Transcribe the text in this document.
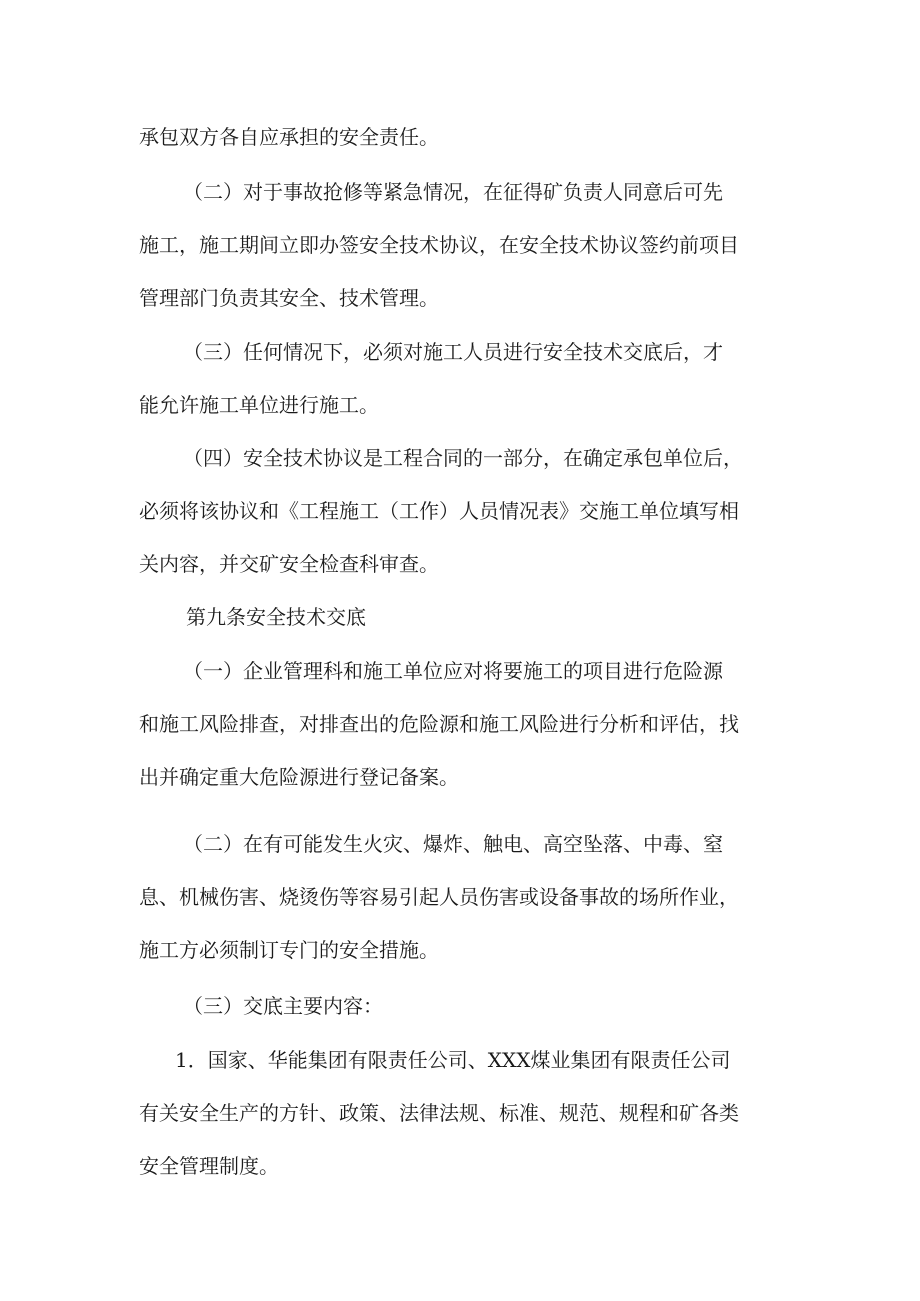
承包双方各自应承担的安全责任。
（二）对于事故抢修等紧急情况，在征得矿负责人同意后可先
施工，施工期间立即办签安全技术协议，在安全技术协议签约前项目
管理部门负责其安全、技术管理。
（三）任何情况下，必须对施工人员进行安全技术交底后，才
能允许施工单位进行施工。
（四）安全技术协议是工程合同的一部分，在确定承包单位后，
必须将该协议和《工程施工（工作）人员情况表》交施工单位填写相
关内容，并交矿安全检查科审查。
第九条安全技术交底
（一）企业管理科和施工单位应对将要施工的项目进行危险源
和施工风险排查，对排查出的危险源和施工风险进行分析和评估，找
出并确定重大危险源进行登记备案。
（二）在有可能发生火灾、爆炸、触电、高空坠落、中毒、窒
息、机械伤害、烧烫伤等容易引起人员伤害或设备事故的场所作业，
施工方必须制订专门的安全措施。
（三）交底主要内容：
1．国家、华能集团有限责任公司、XXX煤业集团有限责任公司
有关安全生产的方针、政策、法律法规、标准、规范、规程和矿各类
安全管理制度。
